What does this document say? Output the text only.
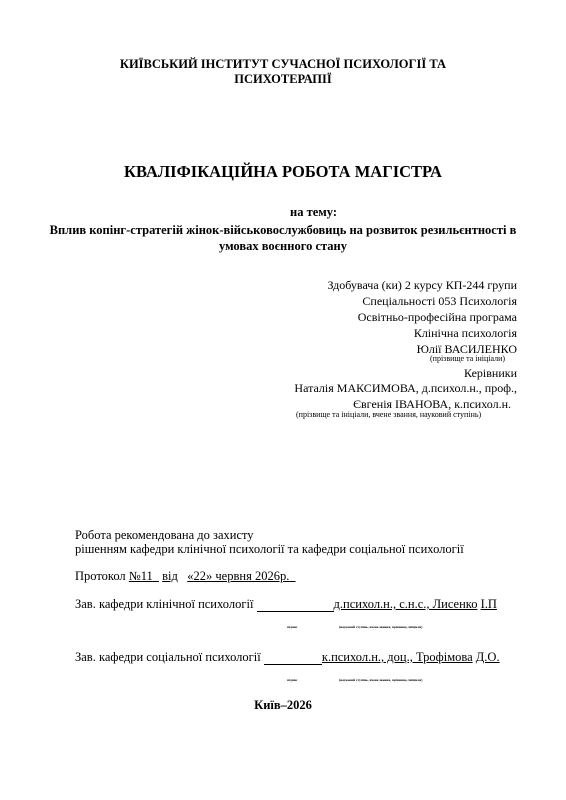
КИЇВСЬКИЙ ІНСТИТУТ СУЧАСНОЇ ПСИХОЛОГІЇ ТА
ПСИХОТЕРАПІЇ
КВАЛІФІКАЦІЙНА РОБОТА МАГІСТРА
на тему:
Вплив копінг-стратегій жінок-військовослужбовиць на розвиток резильєнтності в умовах воєнного стану
Здобувача (ки) 2 курсу КП-244 групи
Спеціальності 053 Психологія
Освітньо-професійна програма
Клінічна психологія
Юлії ВАСИЛЕНКО
(прізвище та ініціали)
Керівники
Наталія МАКСИМОВА, д.психол.н., проф.,
Євгенія ІВАНОВА, к.психол.н.
(прізвище та ініціали, вчене звання, науковий ступінь)
Робота рекомендована до захисту
рішенням кафедри клінічної психології та кафедри соціальної психології
Протокол №11 від «22» червня 2026р.
Зав. кафедри клінічної психології	д.психол.н., с.н.с., Лисенко І.П
підпис	(науковий ступінь, вчене звання, прізвище, ініціали)
Зав. кафедри соціальної психології	к.психол.н., доц., Трофімова Д.О.
підпис	(науковий ступінь, вчене звання, прізвище, ініціали)
Київ–2026
